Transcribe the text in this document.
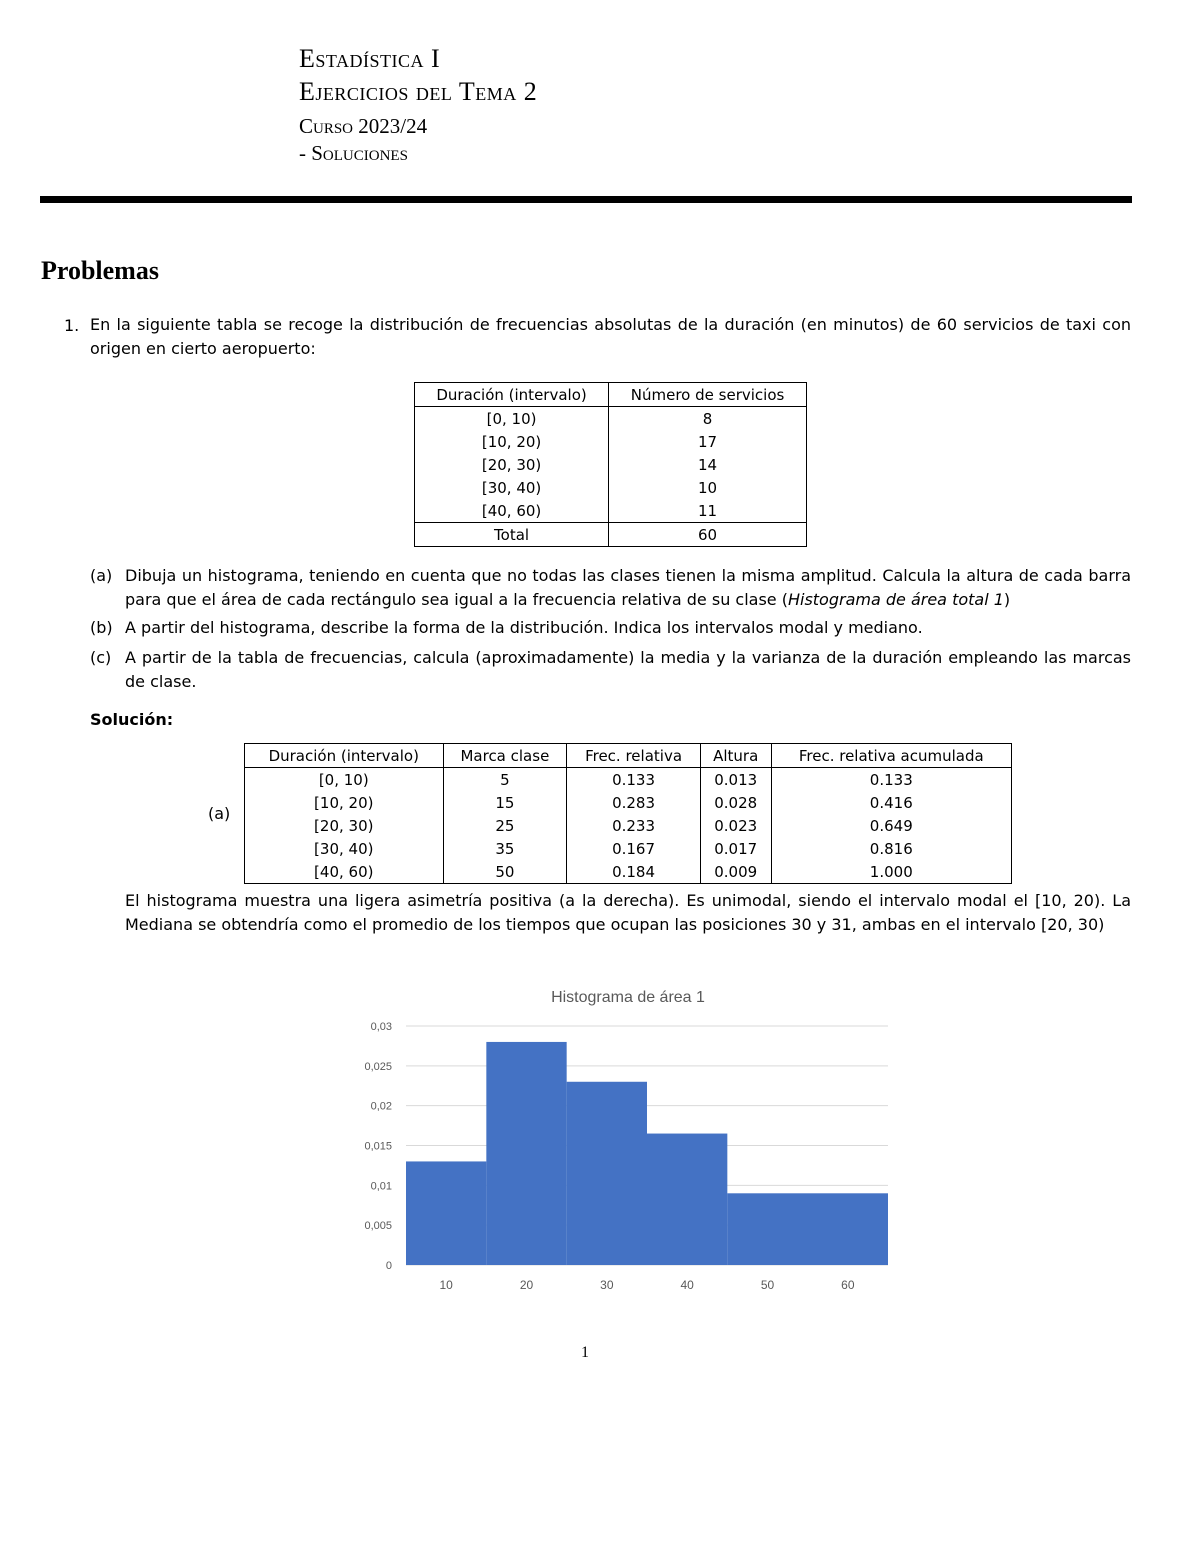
Estadística I
Ejercicios del Tema 2
Curso 2023/24
- Soluciones
Problemas
1. En la siguiente tabla se recoge la distribución de frecuencias absolutas de la duración (en minutos) de 60 servicios de taxi con origen en cierto aeropuerto:
Duración (intervalo)	Número de servicios
[0, 10)	8
[10, 20)	17
[20, 30)	14
[30, 40)	10
[40, 60)	11
Total	60
(a) Dibuja un histograma, teniendo en cuenta que no todas las clases tienen la misma amplitud. Calcula la altura de cada barra para que el área de cada rectángulo sea igual a la frecuencia relativa de su clase (Histograma de área total 1)
(b) A partir del histograma, describe la forma de la distribución. Indica los intervalos modal y mediano.
(c) A partir de la tabla de frecuencias, calcula (aproximadamente) la media y la varianza de la duración empleando las marcas de clase.
Solución:
(a)
Duración (intervalo)	Marca clase	Frec. relativa	Altura	Frec. relativa acumulada
[0, 10)	5	0.133	0.013	0.133
[10, 20)	15	0.283	0.028	0.416
[20, 30)	25	0.233	0.023	0.649
[30, 40)	35	0.167	0.017	0.816
[40, 60)	50	0.184	0.009	1.000
El histograma muestra una ligera asimetría positiva (a la derecha). Es unimodal, siendo el intervalo modal el [10, 20). La Mediana se obtendría como el promedio de los tiempos que ocupan las posiciones 30 y 31, ambas en el intervalo [20, 30)
Histograma de área 1
0
0,005
0,01
0,015
0,02
0,025
0,03
10	20	30	40	50	60
1
